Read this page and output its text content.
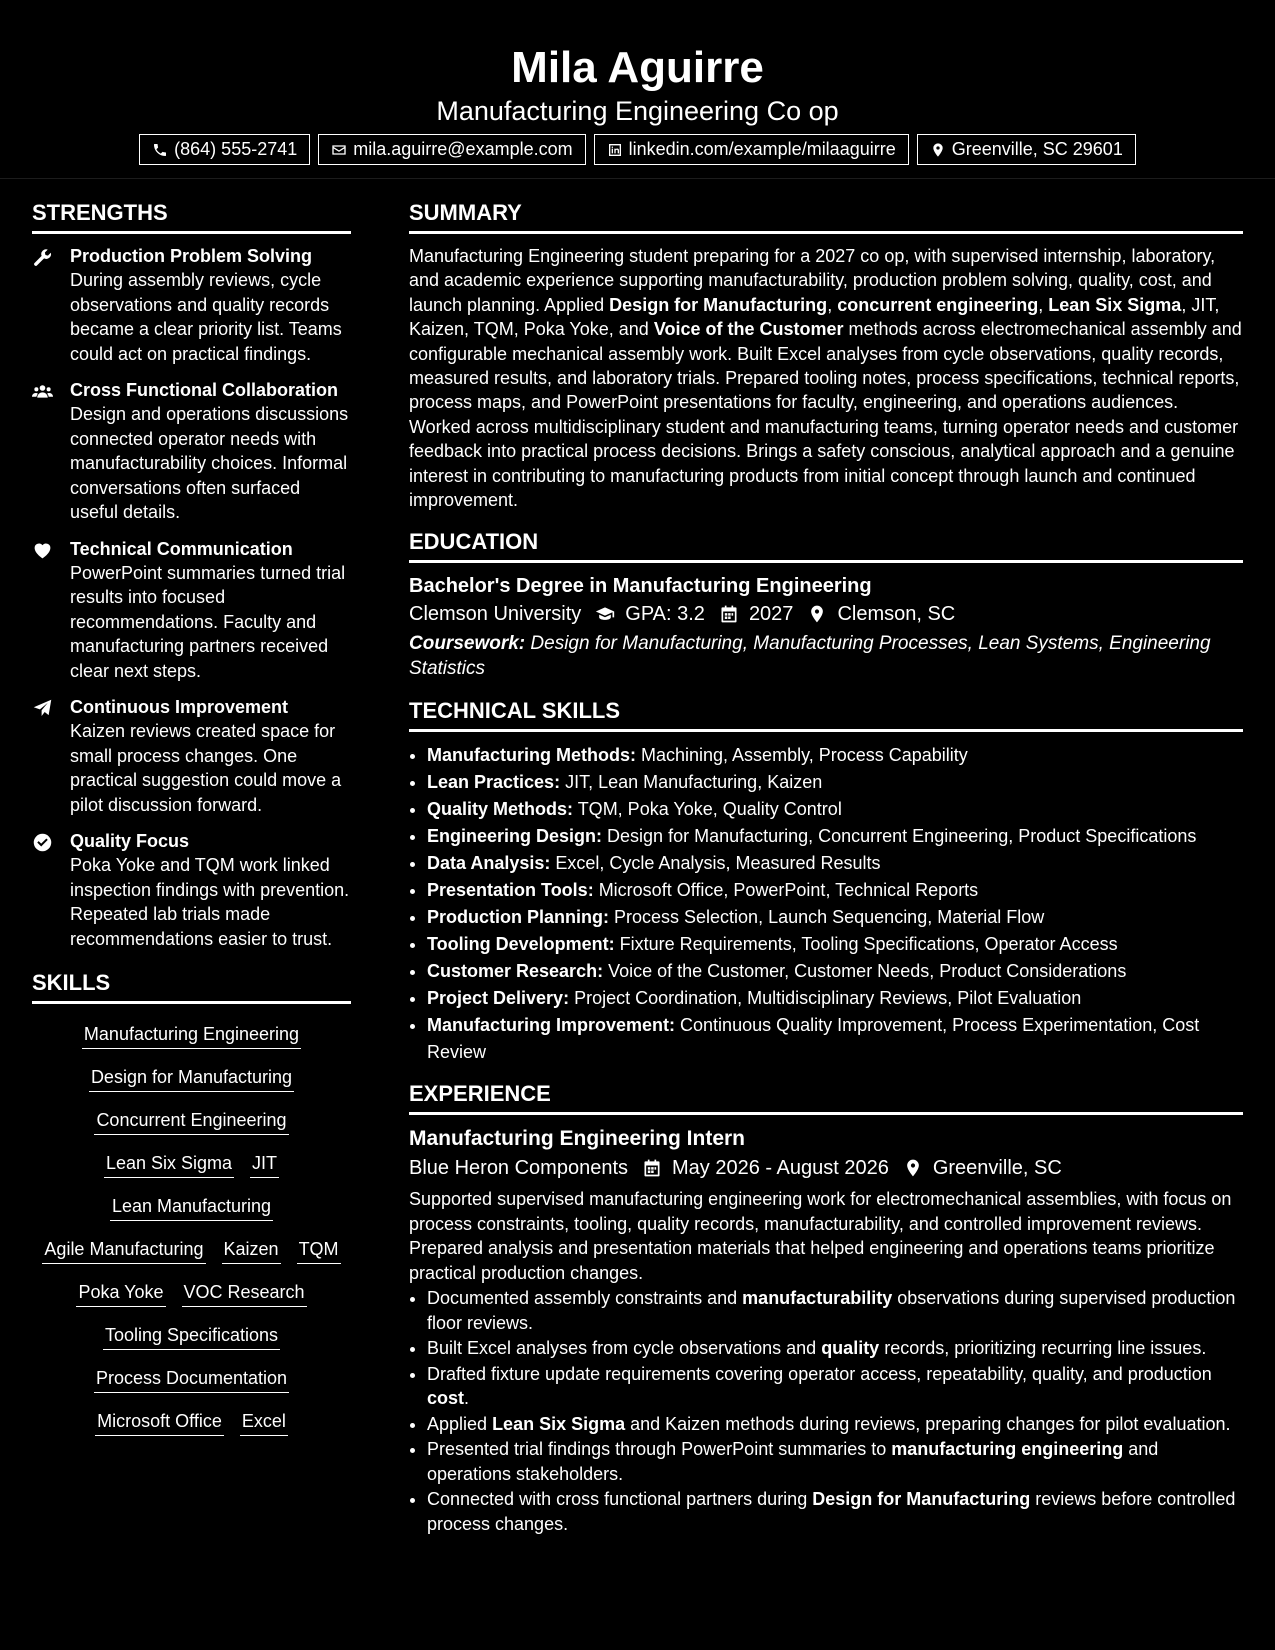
Mila Aguirre
Manufacturing Engineering Co op
(864) 555-2741	mila.aguirre@example.com	linkedin.com/example/milaaguirre	Greenville, SC 29601
STRENGTHS
Production Problem Solving
During assembly reviews, cycle observations and quality records became a clear priority list. Teams could act on practical findings.
Cross Functional Collaboration
Design and operations discussions connected operator needs with manufacturability choices. Informal conversations often surfaced useful details.
Technical Communication
PowerPoint summaries turned trial results into focused recommendations. Faculty and manufacturing partners received clear next steps.
Continuous Improvement
Kaizen reviews created space for small process changes. One practical suggestion could move a pilot discussion forward.
Quality Focus
Poka Yoke and TQM work linked inspection findings with prevention. Repeated lab trials made recommendations easier to trust.
SKILLS
Manufacturing Engineering
Design for Manufacturing
Concurrent Engineering
Lean Six Sigma JIT
Lean Manufacturing
Agile Manufacturing Kaizen TQM
Poka Yoke VOC Research
Tooling Specifications
Process Documentation
Microsoft Office Excel
SUMMARY
Manufacturing Engineering student preparing for a 2027 co op, with supervised internship, laboratory, and academic experience supporting manufacturability, production problem solving, quality, cost, and launch planning. Applied Design for Manufacturing, concurrent engineering, Lean Six Sigma, JIT, Kaizen, TQM, Poka Yoke, and Voice of the Customer methods across electromechanical assembly and configurable mechanical assembly work. Built Excel analyses from cycle observations, quality records, measured results, and laboratory trials. Prepared tooling notes, process specifications, technical reports, process maps, and PowerPoint presentations for faculty, engineering, and operations audiences. Worked across multidisciplinary student and manufacturing teams, turning operator needs and customer feedback into practical process decisions. Brings a safety conscious, analytical approach and a genuine interest in contributing to manufacturing products from initial concept through launch and continued improvement.
EDUCATION
Bachelor's Degree in Manufacturing Engineering
Clemson University GPA: 3.2 2027 Clemson, SC
Coursework: Design for Manufacturing, Manufacturing Processes, Lean Systems, Engineering Statistics
TECHNICAL SKILLS
• Manufacturing Methods: Machining, Assembly, Process Capability
• Lean Practices: JIT, Lean Manufacturing, Kaizen
• Quality Methods: TQM, Poka Yoke, Quality Control
• Engineering Design: Design for Manufacturing, Concurrent Engineering, Product Specifications
• Data Analysis: Excel, Cycle Analysis, Measured Results
• Presentation Tools: Microsoft Office, PowerPoint, Technical Reports
• Production Planning: Process Selection, Launch Sequencing, Material Flow
• Tooling Development: Fixture Requirements, Tooling Specifications, Operator Access
• Customer Research: Voice of the Customer, Customer Needs, Product Considerations
• Project Delivery: Project Coordination, Multidisciplinary Reviews, Pilot Evaluation
• Manufacturing Improvement: Continuous Quality Improvement, Process Experimentation, Cost Review
EXPERIENCE
Manufacturing Engineering Intern
Blue Heron Components May 2026 - August 2026 Greenville, SC
Supported supervised manufacturing engineering work for electromechanical assemblies, with focus on process constraints, tooling, quality records, manufacturability, and controlled improvement reviews. Prepared analysis and presentation materials that helped engineering and operations teams prioritize practical production changes.
• Documented assembly constraints and manufacturability observations during supervised production floor reviews.
• Built Excel analyses from cycle observations and quality records, prioritizing recurring line issues.
• Drafted fixture update requirements covering operator access, repeatability, quality, and production cost.
• Applied Lean Six Sigma and Kaizen methods during reviews, preparing changes for pilot evaluation.
• Presented trial findings through PowerPoint summaries to manufacturing engineering and operations stakeholders.
• Connected with cross functional partners during Design for Manufacturing reviews before controlled process changes.
